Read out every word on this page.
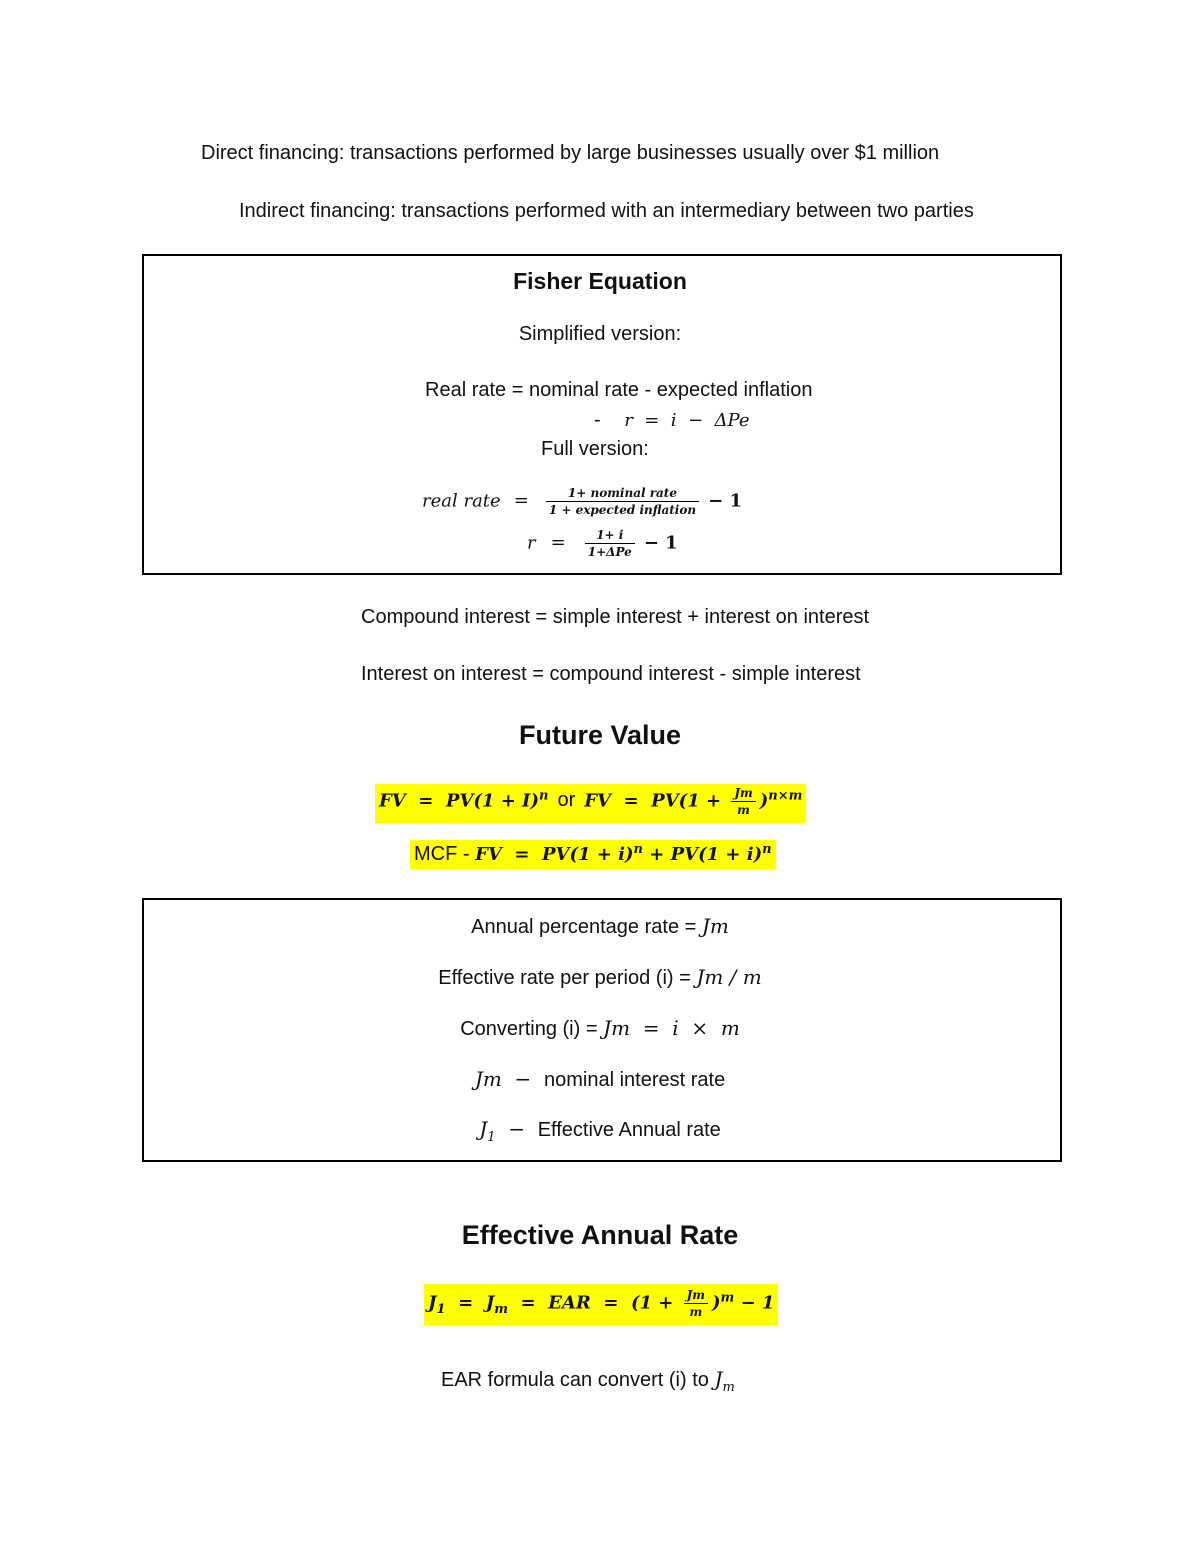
Direct financing: transactions performed by large businesses usually over $1 million
Indirect financing: transactions performed with an intermediary between two parties
Fisher Equation
Simplified version:
Real rate = nominal rate - expected inflation
- r  =  i  −  ΔPe
Full version:
real rate = $\frac{\text{1+ nominal rate}}{\text{1 + expected inflation}} - 1$
$r = \frac{1+ i}{\text{1+ΔPe}} - 1$
Compound interest = simple interest + interest on interest
Interest on interest = compound interest - simple interest
Future Value
FV  =  $PV(1 + I)^n$ or FV  =  $PV(1 + \frac{Jm}{m} )^{n\times m}$
MCF - FV  =  $PV(1 + i)^n + PV(1 + i)^n$
Annual percentage rate = Jm
Effective rate per period (i) = Jm / m
Converting (i) = Jm  =  i  ×  m
Jm  −  nominal interest rate
$J_1$  −  Effective Annual rate
Effective Annual Rate
$J_1 = J_m$  =  EAR  =  $(1 + \frac{Jm}{m} )^m - 1$
EAR formula can convert (i) to $J_m$
